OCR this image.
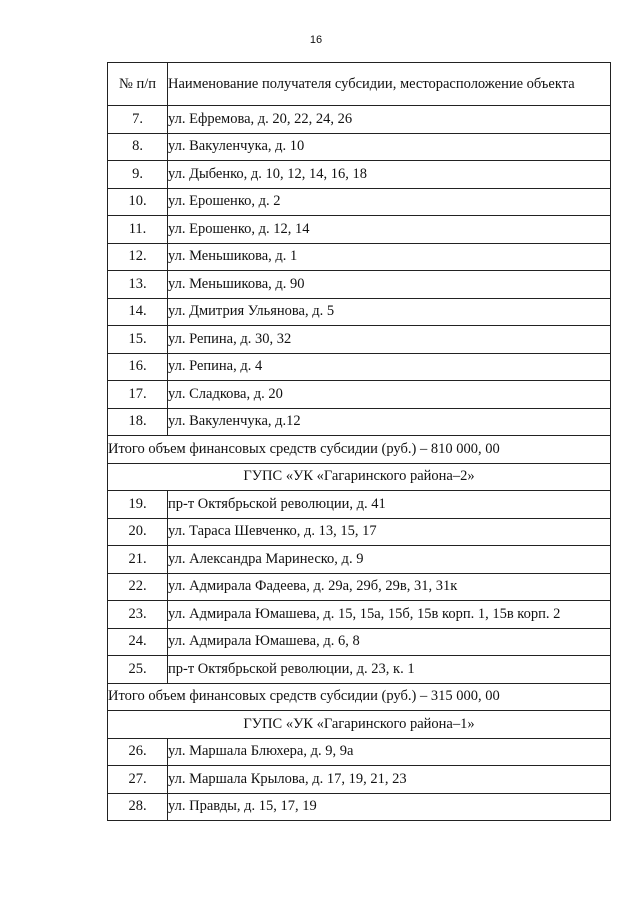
16
№ п/п	Наименование получателя субсидии, месторасположение объекта
7.	ул. Ефремова, д. 20, 22, 24, 26
8.	ул. Вакуленчука, д. 10
9.	ул. Дыбенко, д. 10, 12, 14, 16, 18
10.	ул. Ерошенко, д. 2
11.	ул. Ерошенко, д. 12, 14
12.	ул. Меньшикова, д. 1
13.	ул. Меньшикова, д. 90
14.	ул. Дмитрия Ульянова, д. 5
15.	ул. Репина, д. 30, 32
16.	ул. Репина, д. 4
17.	ул. Сладкова, д. 20
18.	ул. Вакуленчука, д.12
Итого объем финансовых средств субсидии (руб.) – 810 000, 00	
ГУПС «УК «Гагаринского района–2»	
19.	пр-т Октябрьской революции, д. 41
20.	ул. Тараса Шевченко, д. 13, 15, 17
21.	ул. Александра Маринеско, д. 9
22.	ул. Адмирала Фадеева, д. 29а, 29б, 29в, 31, 31к
23.	ул. Адмирала Юмашева, д. 15, 15а, 15б, 15в корп. 1, 15в корп. 2
24.	ул. Адмирала Юмашева, д. 6, 8
25.	пр-т Октябрьской революции, д. 23, к. 1
Итого объем финансовых средств субсидии (руб.) – 315 000, 00	
ГУПС «УК «Гагаринского района–1»	
26.	ул. Маршала Блюхера, д. 9, 9а
27.	ул. Маршала Крылова, д. 17, 19, 21, 23
28.	ул. Правды, д. 15, 17, 19
